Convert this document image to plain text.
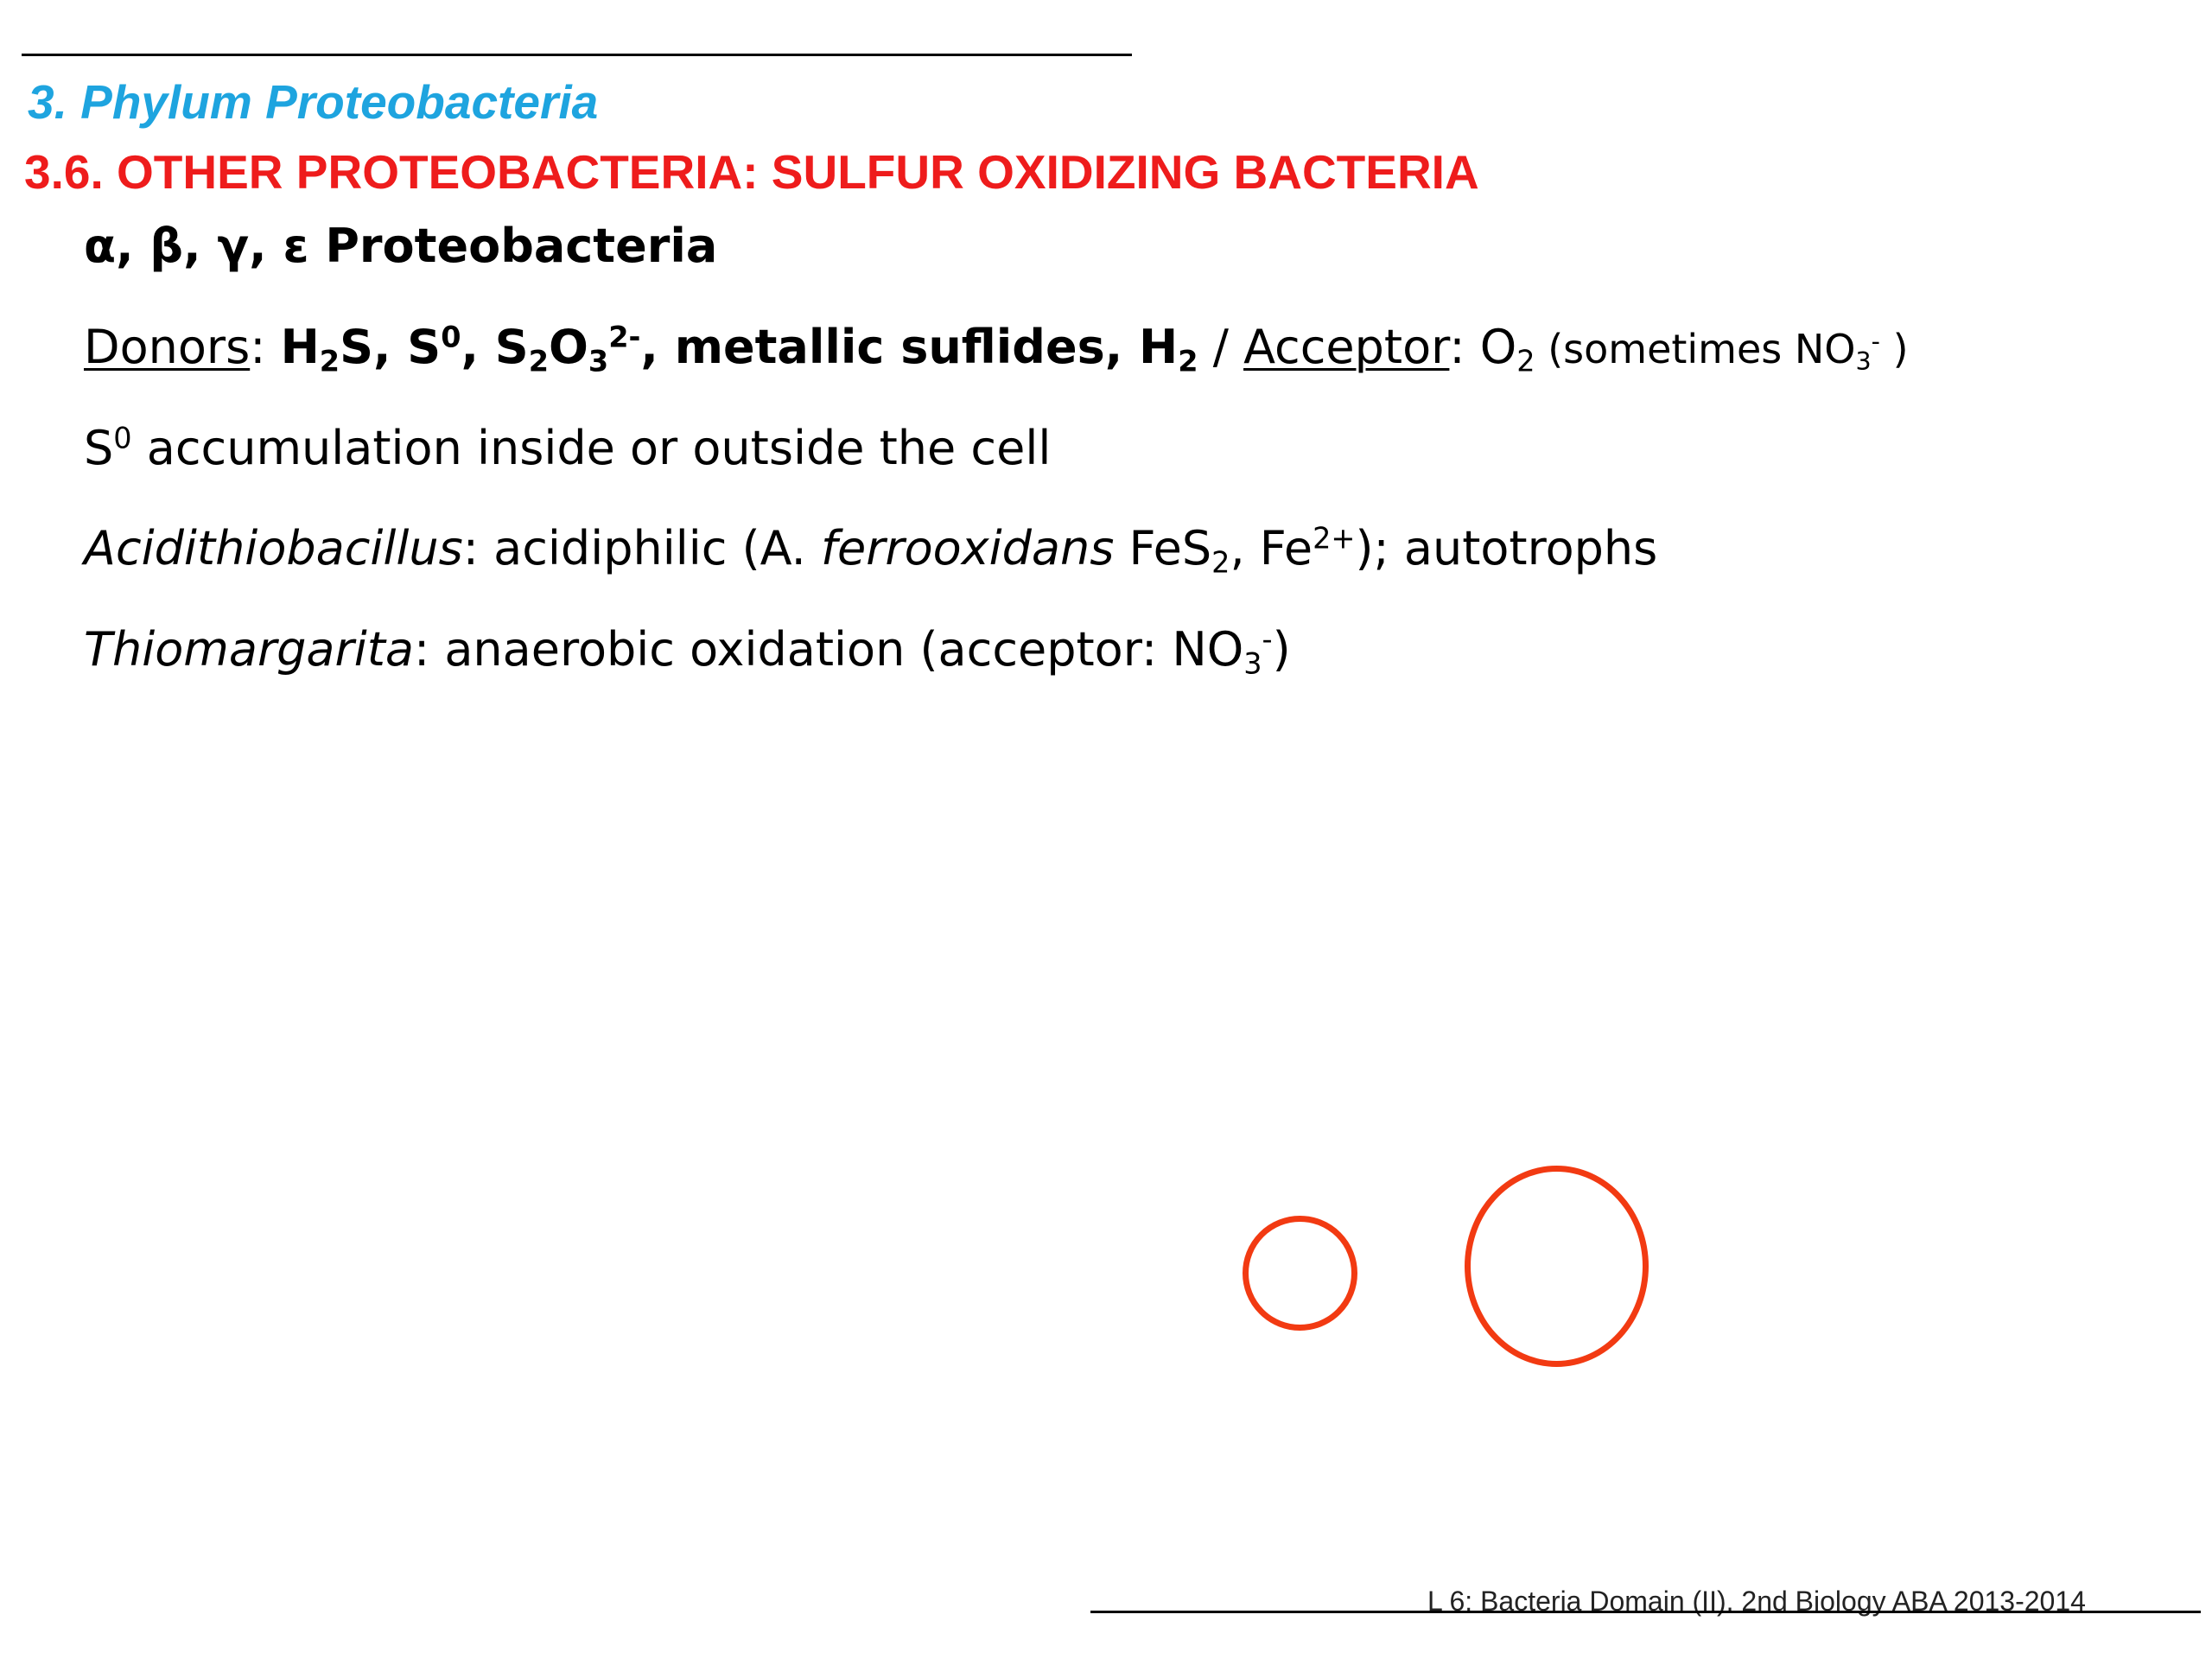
3. Phylum Proteobacteria
3.6. OTHER PROTEOBACTERIA: SULFUR OXIDIZING BACTERIA
α, β, γ, ε Proteobacteria
Donors: $H_2S$, $S^0$, $S_2O_3^{2-}$, metallic suflides, $H_2$ / Acceptor: $O_2$ (sometimes $NO_3^-$ )
$S^0$ accumulation inside or outside the cell
Acidithiobacillus: acidiphilic (A. ferrooxidans FeS$_2$, $Fe^{2+}$); autotrophs
Thiomargarita: anaerobic oxidation (acceptor: $NO_3^-$)
L 6: Bacteria Domain (II). 2nd Biology ABA 2013-2014
